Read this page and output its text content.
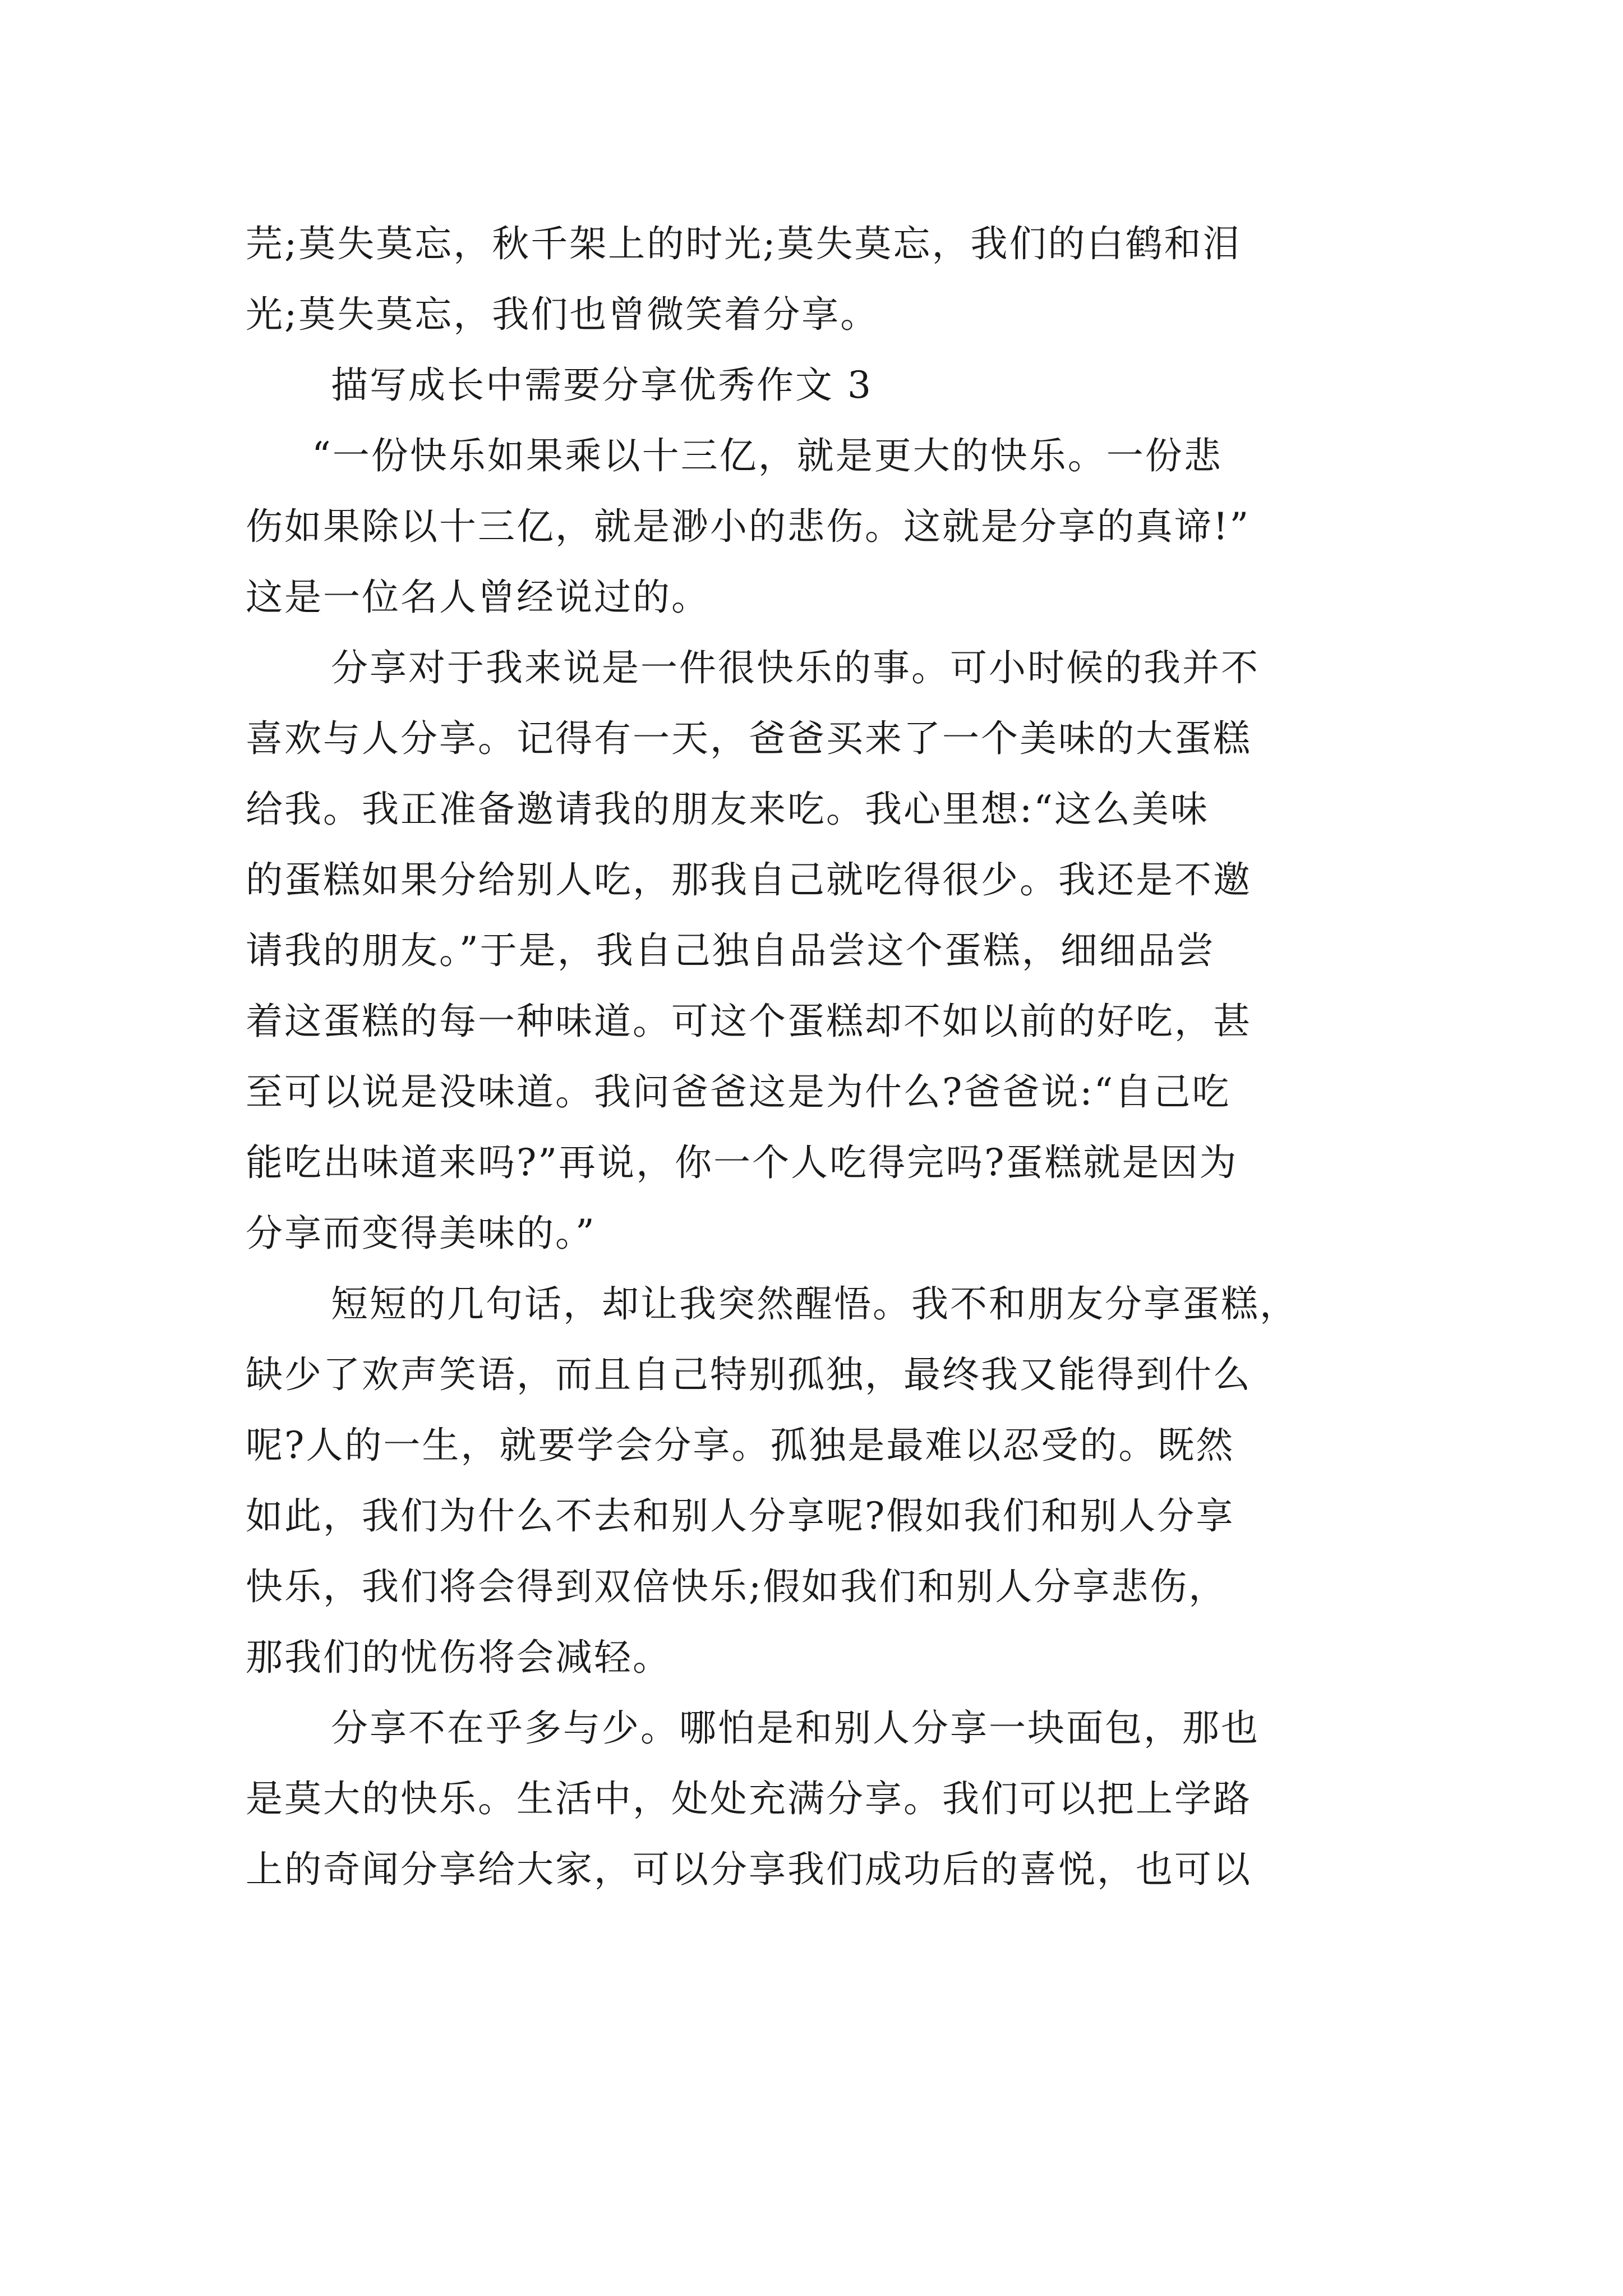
芫;莫失莫忘，秋千架上的时光;莫失莫忘，我们的白鹤和泪
光;莫失莫忘，我们也曾微笑着分享。
描写成长中需要分享优秀作文 3
“一份快乐如果乘以十三亿，就是更大的快乐。一份悲
伤如果除以十三亿，就是渺小的悲伤。这就是分享的真谛!”
这是一位名人曾经说过的。
分享对于我来说是一件很快乐的事。可小时候的我并不
喜欢与人分享。记得有一天，爸爸买来了一个美味的大蛋糕
给我。我正准备邀请我的朋友来吃。我心里想:“这么美味
的蛋糕如果分给别人吃，那我自己就吃得很少。我还是不邀
请我的朋友。”于是，我自己独自品尝这个蛋糕，细细品尝
着这蛋糕的每一种味道。可这个蛋糕却不如以前的好吃，甚
至可以说是没味道。我问爸爸这是为什么?爸爸说:“自己吃
能吃出味道来吗?”再说，你一个人吃得完吗?蛋糕就是因为
分享而变得美味的。”
短短的几句话，却让我突然醒悟。我不和朋友分享蛋糕，
缺少了欢声笑语，而且自己特别孤独，最终我又能得到什么
呢?人的一生，就要学会分享。孤独是最难以忍受的。既然
如此，我们为什么不去和别人分享呢?假如我们和别人分享
快乐，我们将会得到双倍快乐;假如我们和别人分享悲伤，
那我们的忧伤将会减轻。
分享不在乎多与少。哪怕是和别人分享一块面包，那也
是莫大的快乐。生活中，处处充满分享。我们可以把上学路
上的奇闻分享给大家，可以分享我们成功后的喜悦，也可以
